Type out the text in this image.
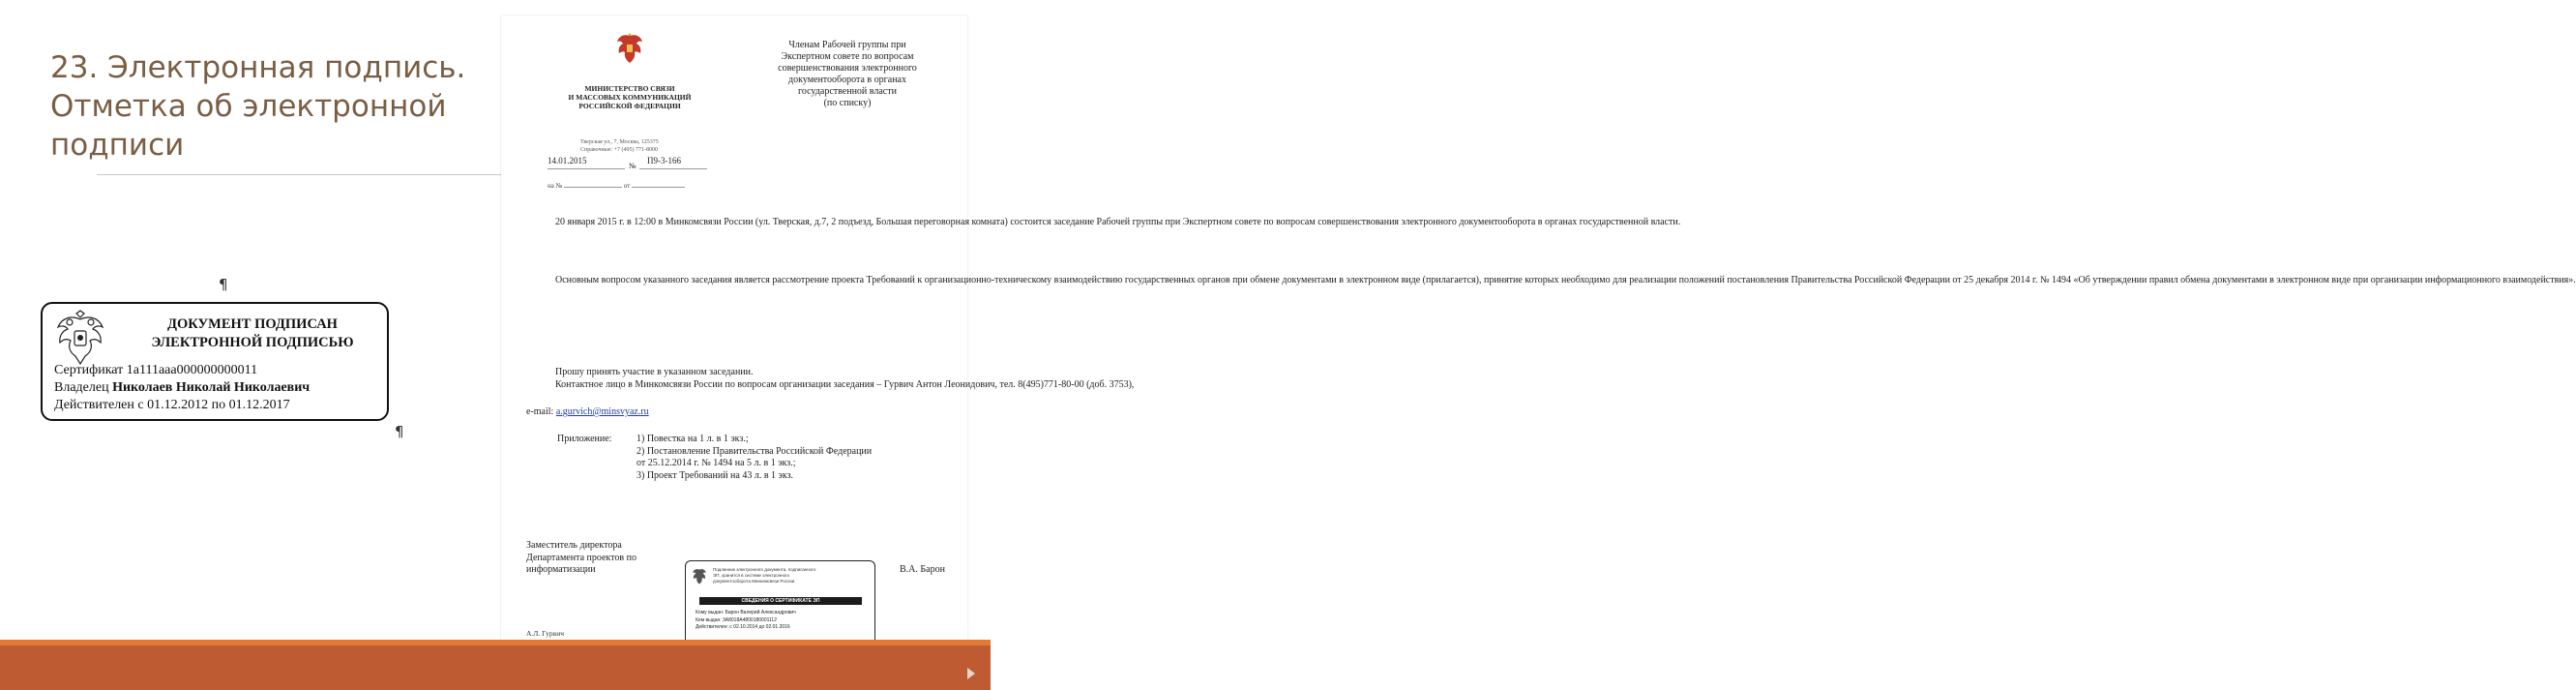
23. Электронная подпись.
Отметка об электронной
подписи
¶
ДОКУМЕНТ ПОДПИСАН
ЭЛЕКТРОННОЙ ПОДПИСЬЮ
Сертификат 1a111aaa000000000011
Владелец Николаев Николай Николаевич
Действителен с 01.12.2012 по 01.12.2017
¶
МИНИСТЕРСТВО СВЯЗИ
И МАССОВЫХ КОММУНИКАЦИЙ
РОССИЙСКОЙ ФЕДЕРАЦИИ
Тверская ул., 7, Москва, 125375
Справочные: +7 (495) 771-8000
14.01.2015
№
П9-3-166
на №	от
Членам Рабочей группы при
Экспертном совете по вопросам
совершенствования электронного
документооборота в органах
государственной власти
(по списку)
20 января 2015 г. в 12:00 в Минкомсвязи России (ул. Тверская, д.7, 2 подъезд, Большая переговорная комната) состоится заседание Рабочей группы при Экспертном совете по вопросам совершенствования электронного документооборота в органах государственной власти.
Основным вопросом указанного заседания является рассмотрение проекта Требований к организационно-техническому взаимодействию государственных органов при обмене документами в электронном виде (прилагается), принятие которых необходимо для реализации положений постановления Правительства Российской Федерации от 25 декабря 2014 г. № 1494 «Об утверждении правил обмена документами в электронном виде при организации информационного взаимодействия».
Прошу принять участие в указанном заседании.
Контактное лицо в Минкомсвязи России по вопросам организации заседания – Гурвич Антон Леонидович, тел. 8(495)771-80-00 (доб. 3753),
e-mail: a.gurvich@minsvyaz.ru
Приложение:	1) Повестка на 1 л. в 1 экз.;
2) Постановление Правительства Российской Федерации
от 25.12.2014 г. № 1494 на 5 л. в 1 экз.;
3) Проект Требований на 43 л. в 1 экз.
Заместитель директора
Департамента проектов по
информатизации	В.А. Барон
А.Л. Гурвич
Подлинник электронного документа, подписанного
ЭП, хранится в системе электронного
документооборота Минкомсвязи России
СВЕДЕНИЯ О СЕРТИФИКАТЕ ЭП
Кому выдан: Барон Валерий Александрович
Кем выдан: 3A8018A4800180001112
Действителен: с 02.10.2014 до 02.01.2016
